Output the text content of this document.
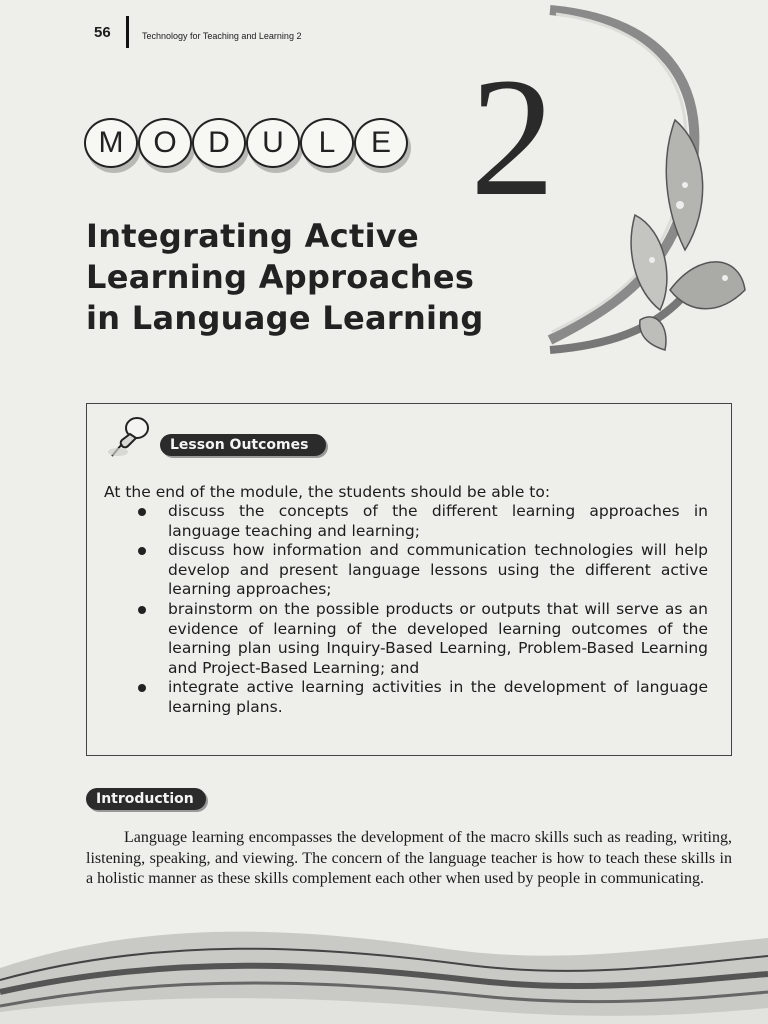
56	Technology for Teaching and Learning 2
M O	D	U	L	E 2
Integrating Active
Learning Approaches
in Language Learning
Lesson Outcomes
At the end of the module, the students should be able to:
discuss the concepts of the different learning approaches in language teaching and learning;
discuss how information and communication technologies will help develop and present language lessons using the different active learning approaches;
brainstorm on the possible products or outputs that will serve as an evidence of learning of the developed learning outcomes of the learning plan using Inquiry-Based Learning, Problem-Based Learning and Project-Based Learning; and
integrate active learning activities in the development of language learning plans.
Introduction

Language learning encompasses the development of the macro skills such as reading, writing, listening, speaking, and viewing. The concern of the language teacher is how to teach these skills in a holistic manner as these skills complement each other when used by people in communicating.
